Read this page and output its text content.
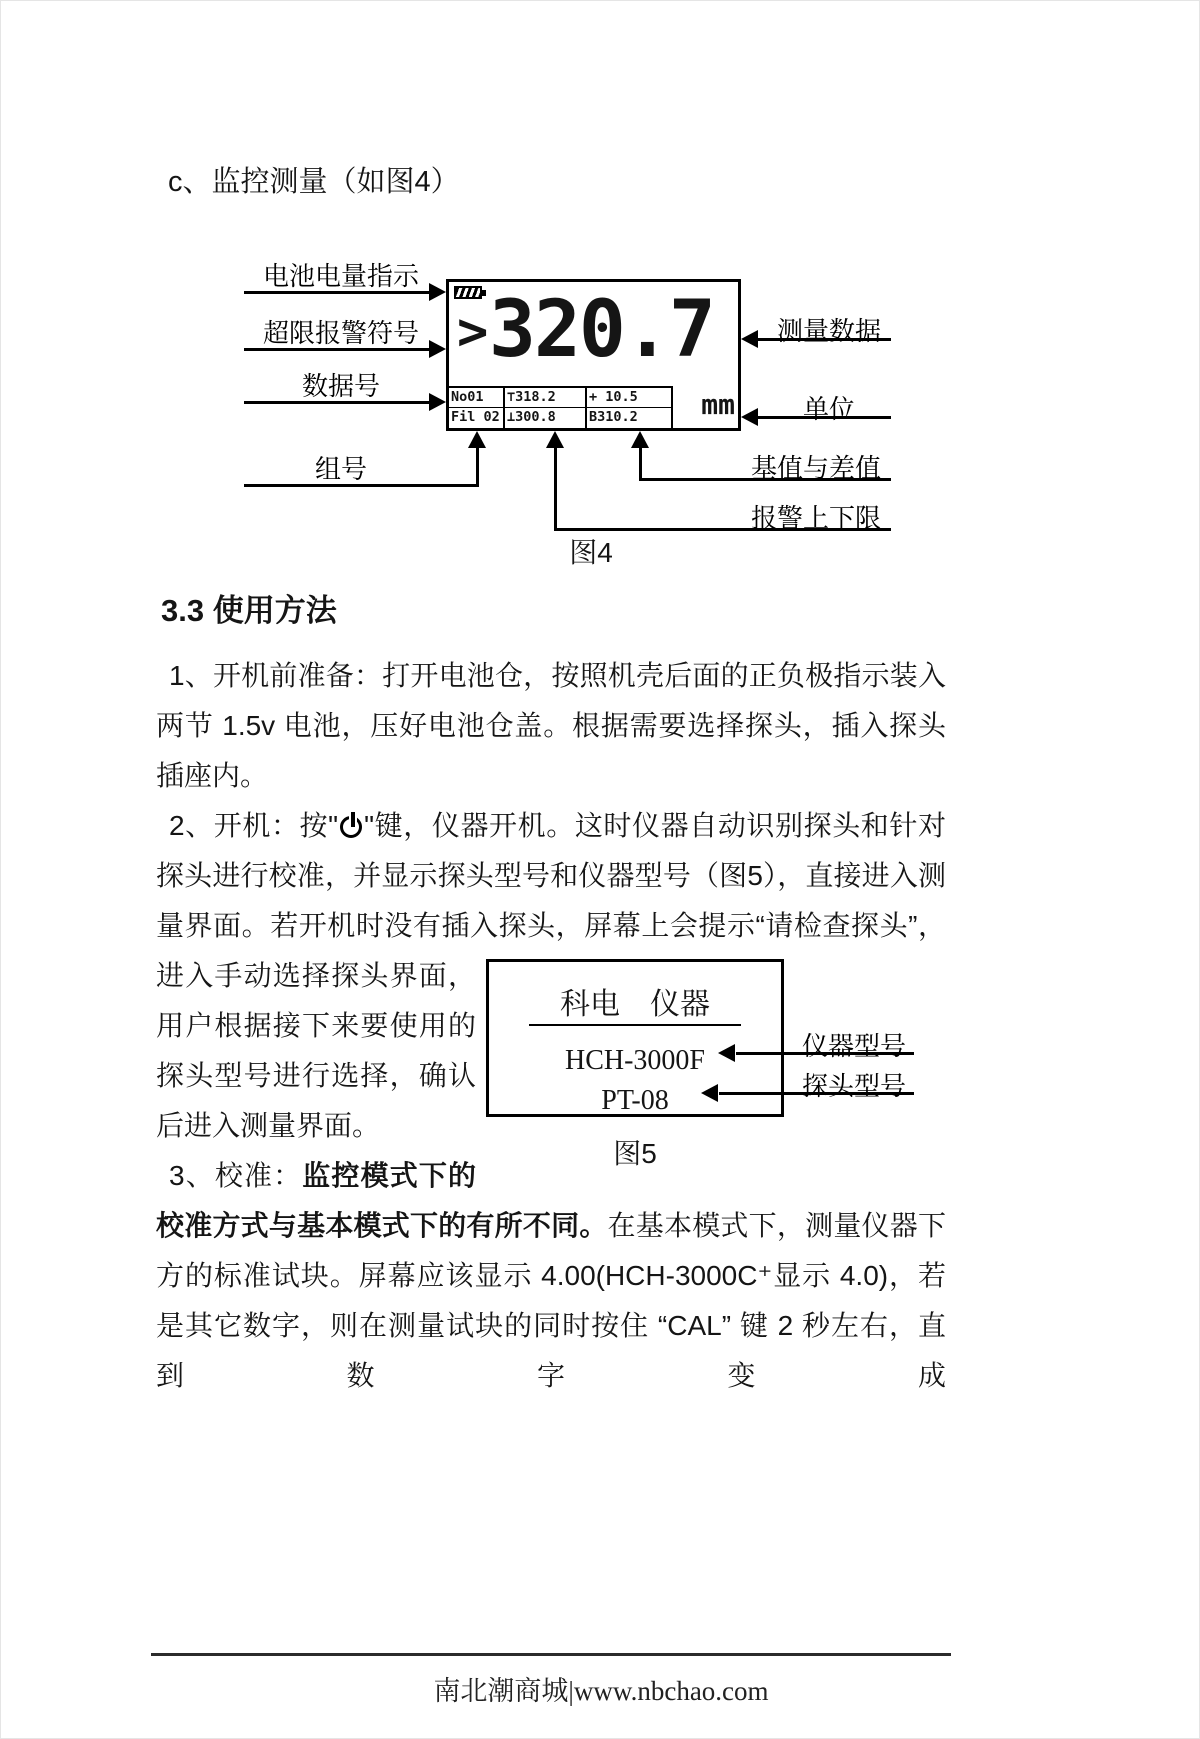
c、监控测量（如图4）
电池电量指示
超限报警符号
数据号
组号
测量数据
单位
基值与差值
报警上下限
> 320.7
No01	⊤318.2	+ 10.5
Fil 02 ⊥300.8	B310.2	mm
图4
3.3 使用方法
1、开机前准备：打开电池仓，按照机壳后面的正负极指示装入两节 1.5v 电池，压好电池仓盖。根据需要选择探头，插入探头插座内。
2、开机：按" "键，仪器开机。这时仪器自动识别探头和针对探头进行校准，并显示探头型号和仪器型号（图5），直接进入测量界面。若开机时没有插入探头，屏幕上会提示“请检查
科电　仪器
HCH-3000F
PT-08
仪器型号
探头型号
图5
探头”，进入手动选择探头界面，用户根据接下来要使用的探头型号进行选择，确认后进入测量界面。
3、校准：监控模式下的校准方式与基本模式下的有所不同。在基本模式下，测量仪器下方的标准试块。屏幕应该显示 4.00(HCH-3000C⁺显示 4.0)，若是其它数字，则在测量试块的同时按住 “CAL” 键 2 秒左右，直到数字变成
南北潮商城|www.nbchao.com
